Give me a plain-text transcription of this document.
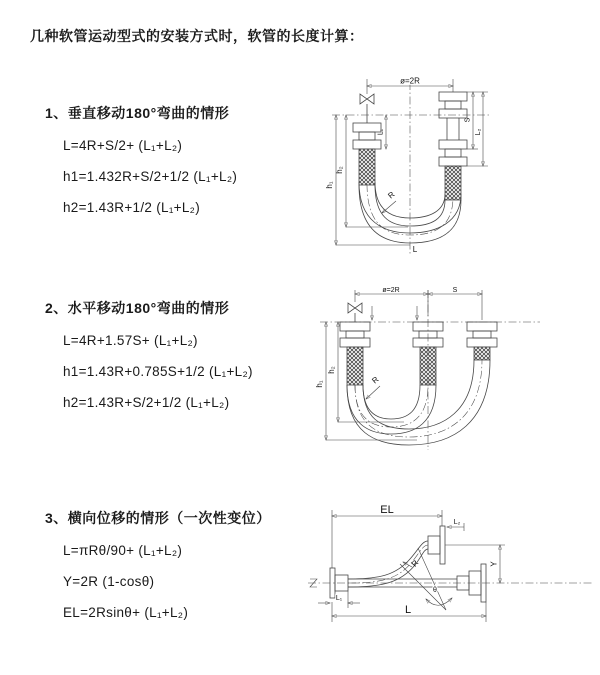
几种软管运动型式的安装方式时，软管的长度计算：
1、垂直移动180°弯曲的情形
L=4R+S/2+ (L₁+L₂)
h1=1.432R+S/2+1/2 (L₁+L₂)
h2=1.43R+1/2 (L₁+L₂)
2、水平移动180°弯曲的情形
L=4R+1.57S+ (L₁+L₂)
h1=1.43R+0.785S+1/2 (L₁+L₂)
h2=1.43R+S/2+1/2 (L₁+L₂)
3、横向位移的情形（一次性变位）
L=πRθ/90+ (L₁+L₂)
Y=2R (1-cosθ)
EL=2Rsinθ+ (L₁+L₂)
ø=2R
h₂
h₁
L₁
S
L₂
R
L
ø=2R	S
h₂
h₁	R
θ
R
EL
L₂
Y
L
L₁
